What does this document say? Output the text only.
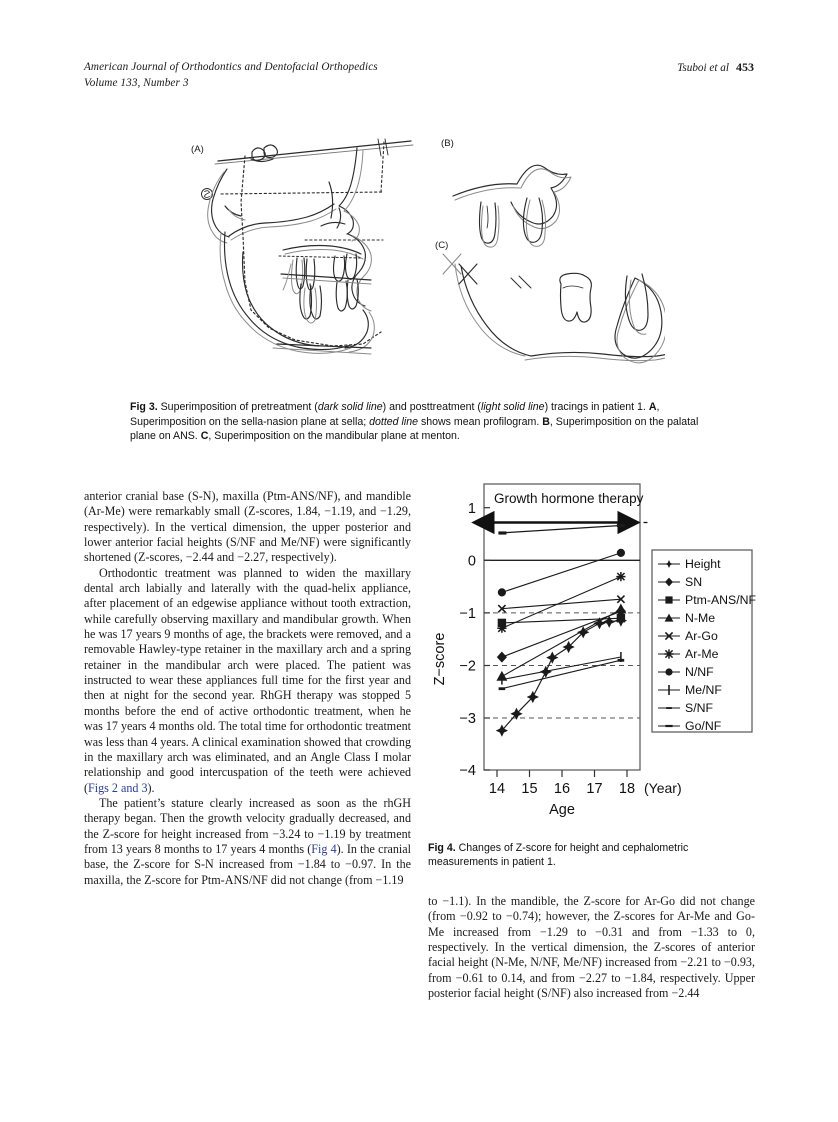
American Journal of Orthodontics and Dentofacial Orthopedics
Volume 133, Number 3
Tsuboi et al 453
(A)
(B)
(C)
Fig 3. Superimposition of pretreatment (dark solid line) and posttreatment (light solid line) tracings in patient 1. A, Superimposition on the sella-nasion plane at sella; dotted line shows mean profilogram. B, Superimposition on the palatal plane on ANS. C, Superimposition on the mandibular plane at menton.

anterior cranial base (S-N), maxilla (Ptm-ANS/NF), and mandible (Ar-Me) were remarkably small (Z-scores, 1.84, −1.19, and −1.29, respectively). In the vertical dimension, the upper posterior and lower anterior facial heights (S/NF and Me/NF) were significantly shortened (Z-scores, −2.44 and −2.27, respectively).

Orthodontic treatment was planned to widen the maxillary dental arch labially and laterally with the quad-helix appliance, after placement of an edgewise appliance without tooth extraction, while carefully observing maxillary and mandibular growth. When he was 17 years 9 months of age, the brackets were removed, and a removable Hawley-type retainer in the maxillary arch and a spring retainer in the mandibular arch were placed. The patient was instructed to wear these appliances full time for the first year and then at night for the second year. RhGH therapy was stopped 5 months before the end of active orthodontic treatment, when he was 17 years 4 months old. The total time for orthodontic treatment was less than 4 years. A clinical examination showed that crowding in the maxillary arch was eliminated, and an Angle Class I molar relationship and good intercuspation of the teeth were achieved (Figs 2 and 3).

The patient’s stature clearly increased as soon as the rhGH therapy began. Then the growth velocity gradually decreased, and the Z-score for height increased from −3.24 to −1.19 by treatment from 13 years 8 months to 17 years 4 months (Fig 4). In the cranial base, the Z-score for S-N increased from −1.84 to −0.97. In the maxilla, the Z-score for Ptm-ANS/NF did not change (from −1.19

1
0
−1
−2
−3
−4
Z−score
14 15 16 17 18 (Year)
Age
Growth hormone therapy
Height
SN
Ptm-ANS/NF
N-Me
Ar-Go
Ar-Me
N/NF
Me/NF
S/NF
Go/NF
Fig 4. Changes of Z-score for height and cephalometric measurements in patient 1.

to −1.1). In the mandible, the Z-score for Ar-Go did not change (from −0.92 to −0.74); however, the Z-scores for Ar-Me and Go-Me increased from −1.29 to −0.31 and from −1.33 to 0, respectively. In the vertical dimension, the Z-scores of anterior facial height (N-Me, N/NF, Me/NF) increased from −2.21 to −0.93, from −0.61 to 0.14, and from −2.27 to −1.84, respectively. Upper posterior facial height (S/NF) also increased from −2.44
